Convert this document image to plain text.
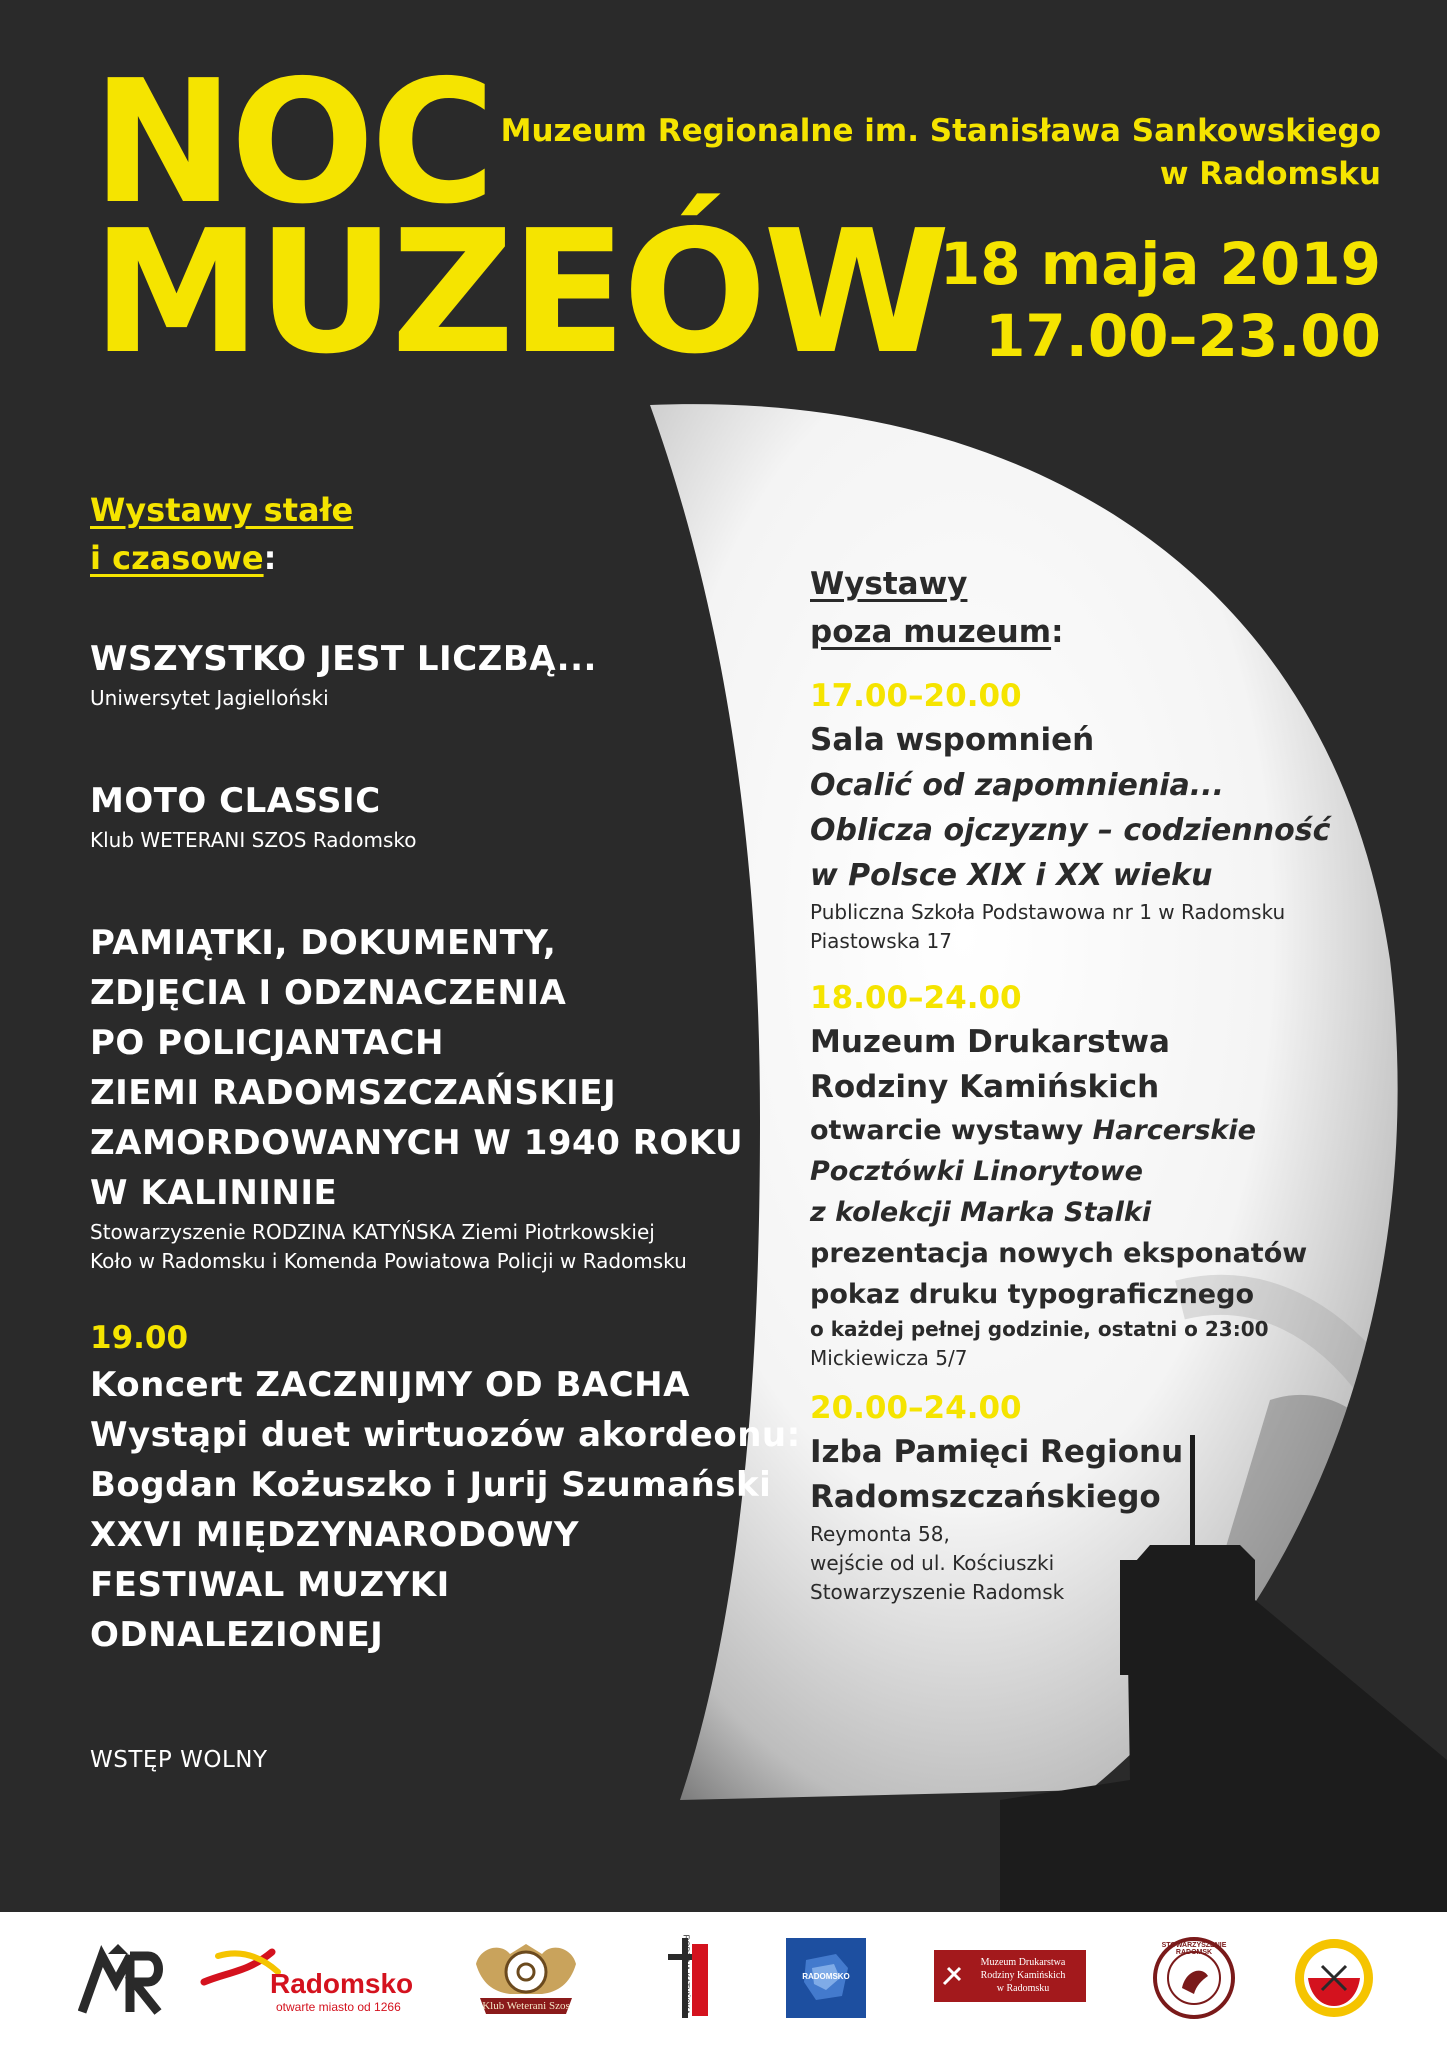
NOC
MUZEÓW
Muzeum Regionalne im. Stanisława Sankowskiego
w Radomsku
18 maja 2019
17.00–23.00
Wystawy stałe
i czasowe:
WSZYSTKO JEST LICZBĄ...
Uniwersytet Jagielloński
MOTO CLASSIC
Klub WETERANI SZOS Radomsko
PAMIĄTKI, DOKUMENTY,
ZDJĘCIA I ODZNACZENIA
PO POLICJANTACH
ZIEMI RADOMSZCZAŃSKIEJ
ZAMORDOWANYCH W 1940 ROKU
W KALININIE
Stowarzyszenie RODZINA KATYŃSKA Ziemi Piotrkowskiej
Koło w Radomsku i Komenda Powiatowa Policji w Radomsku
19.00
Koncert ZACZNIJMY OD BACHA
Wystąpi duet wirtuozów akordeonu:
Bogdan Kożuszko i Jurij Szumański
XXVI MIĘDZYNARODOWY
FESTIWAL MUZYKI
ODNALEZIONEJ
WSTĘP WOLNY
Wystawy
poza muzeum:
17.00–20.00
Sala wspomnień
Ocalić od zapomnienia...
Oblicza ojczyzny – codzienność
w Polsce XIX i XX wieku
Publiczna Szkoła Podstawowa nr 1 w Radomsku
Piastowska 17
18.00–24.00
Muzeum Drukarstwa
Rodziny Kamińskich
otwarcie wystawy Harcerskie
Pocztówki Linorytowe
z kolekcji Marka Stalki
prezentacja nowych eksponatów
pokaz druku typograficznego
o każdej pełnej godzinie, ostatni o 23:00
Mickiewicza 5/7
20.00–24.00
Izba Pamięci Regionu
Radomszczańskiego
Reymonta 58,
wejście od ul. Kościuszki
Stowarzyszenie Radomsk
Radomsko
otwarte miasto od 1266	Klub Weterani Szos	RODZINA KATYŃSKA	RADOMSKO
Muzeum Drukarstwa
Rodziny Kamińskich
w Radomsku
STOWARZYSZENIE RADOMSK
